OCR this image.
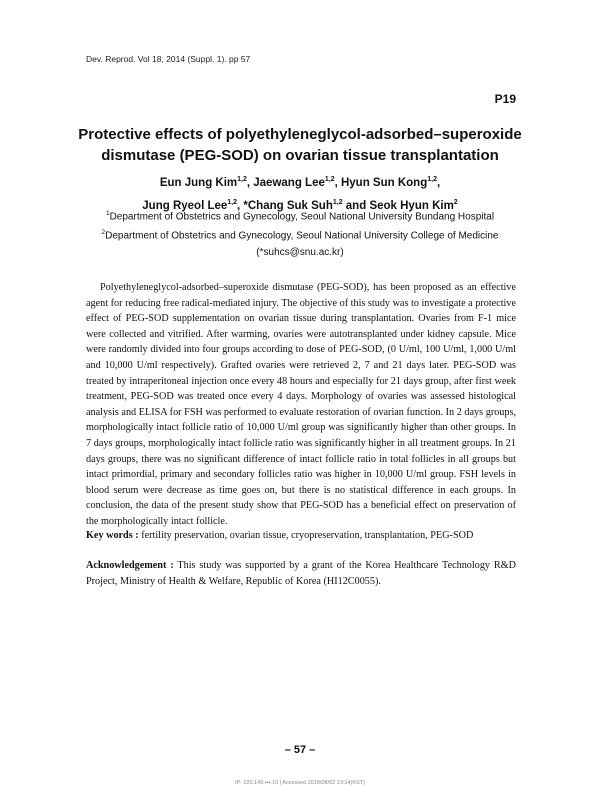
Dev. Reprod. Vol 18, 2014 (Suppl. 1). pp 57
P19
Protective effects of polyethyleneglycol-adsorbed–superoxide
dismutase (PEG-SOD) on ovarian tissue transplantation
Eun Jung Kim$^{1,2}$, Jaewang Lee$^{1,2}$, Hyun Sun Kong$^{1,2}$,
Jung Ryeol Lee$^{1,2}$, *Chang Suk Suh$^{1,2}$ and Seok Hyun Kim$^2$
$^1$Department of Obstetrics and Gynecology, Seoul National University Bundang Hospital
$^2$Department of Obstetrics and Gynecology, Seoul National University College of Medicine
(*suhcs@snu.ac.kr)

Polyethyleneglycol-adsorbed–superoxide dismutase (PEG-SOD), has been proposed as an effective agent for reducing free radical-mediated injury. The objective of this study was to investigate a protective effect of PEG-SOD supplementation on ovarian tissue during transplantation. Ovaries from F-1 mice were collected and vitrified. After warming, ovaries were autotransplanted under kidney capsule. Mice were randomly divided into four groups according to dose of PEG-SOD, (0 U/ml, 100 U/ml, 1,000 U/ml and 10,000 U/ml respectively). Grafted ovaries were retrieved 2, 7 and 21 days later. PEG-SOD was treated by intraperitoneal injection once every 48 hours and especially for 21 days group, after first week treatment, PEG-SOD was treated once every 4 days. Morphology of ovaries was assessed histological analysis and ELISA for FSH was performed to evaluate restoration of ovarian function. In 2 days groups, morphologically intact follicle ratio of 10,000 U/ml group was significantly higher than other groups. In 7 days groups, morphologically intact follicle ratio was significantly higher in all treatment groups. In 21 days groups, there was no significant difference of intact follicle ratio in total follicles in all groups but intact primordial, primary and secondary follicles ratio was higher in 10,000 U/ml group. FSH levels in blood serum were decrease as time goes on, but there is no statistical difference in each groups. In conclusion, the data of the present study show that PEG-SOD has a beneficial effect on preservation of the morphologically intact follicle.

Key words : fertility preservation, ovarian tissue, cryopreservation, transplantation, PEG-SOD

Acknowledgement : This study was supported by a grant of the Korea Healthcare Technology R&D Project, Ministry of Health & Welfare, Republic of Korea (HI12C0055).

– 57 –
IP: 220.149.•••.10 | Accessed 2018/08/02 13:14(KST)
